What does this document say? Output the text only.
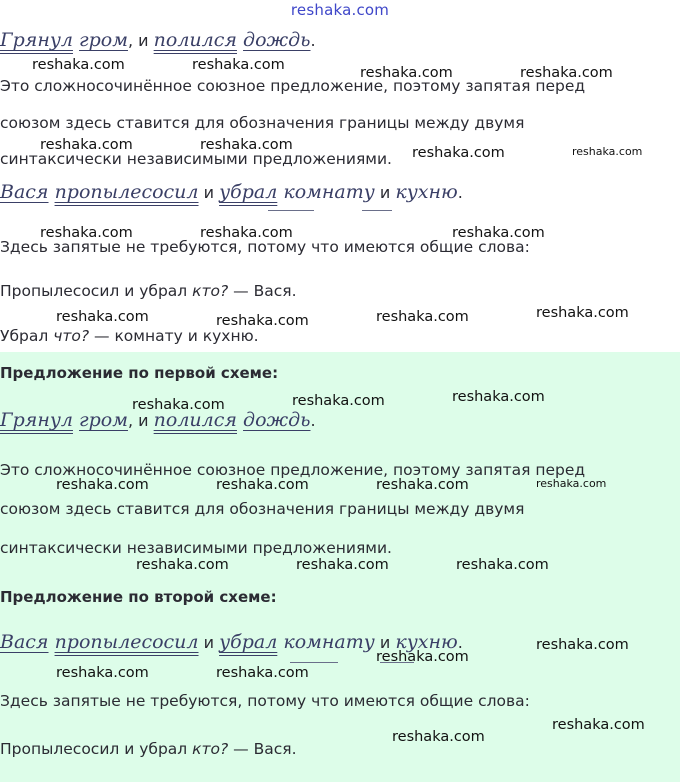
reshaka.com
Грянул гром, и полился дождь.
Это сложносочинённое союзное предложение, поэтому запятая перед
союзом здесь ставится для обозначения границы между двумя
синтаксически независимыми предложениями.
Вася пропылесосил и убрал комнату и кухню.
Здесь запятые не требуются, потому что имеются общие слова:
Пропылесосил и убрал кто? — Вася.
Убрал что? — комнату и кухню.
Предложение по первой схеме:
Грянул гром, и полился дождь.
Это сложносочинённое союзное предложение, поэтому запятая перед
союзом здесь ставится для обозначения границы между двумя
синтаксически независимыми предложениями.
Предложение по второй схеме:
Вася пропылесосил и убрал комнату и кухню.
Здесь запятые не требуются, потому что имеются общие слова:
Пропылесосил и убрал кто? — Вася.
reshaka.com	reshaka.com	reshaka.com	reshaka.com
reshaka.com	reshaka.com	reshaka.com	reshaka.com
reshaka.com	reshaka.com	reshaka.com
reshaka.com	reshaka.com	reshaka.com	reshaka.com
reshaka.com	reshaka.com	reshaka.com
reshaka.com	reshaka.com	reshaka.com	reshaka.com
reshaka.com	reshaka.com	reshaka.com
reshaka.com
reshaka.com
reshaka.com	reshaka.com
reshaka.com
reshaka.com
